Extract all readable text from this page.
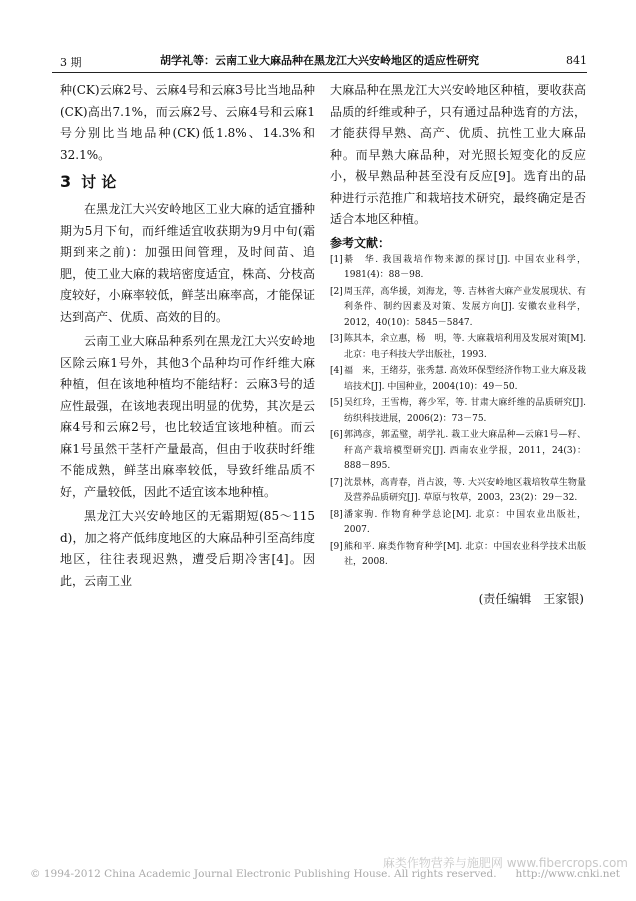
3 期	胡学礼等：云南工业大麻品种在黑龙江大兴安岭地区的适应性研究	841

种(CK)云麻2号、云麻4号和云麻3号比当地品种(CK)高出7.1%，而云麻2号、云麻4号和云麻1号分别比当地品种(CK)低1.8%、14.3%和32.1%。

3 讨 论

在黑龙江大兴安岭地区工业大麻的适宜播种期为5月下旬，而纤维适宜收获期为9月中旬(霜期到来之前)：加强田间管理，及时间苗、追肥，使工业大麻的栽培密度适宜，株高、分枝高度较好，小麻率较低，鲜茎出麻率高，才能保证达到高产、优质、高效的目的。

云南工业大麻品种系列在黑龙江大兴安岭地区除云麻1号外，其他3个品种均可作纤维大麻种植，但在该地种植均不能结籽：云麻3号的适应性最强，在该地表现出明显的优势，其次是云麻4号和云麻2号，也比较适宜该地种植。而云麻1号虽然干茎杆产量最高，但由于收获时纤维不能成熟，鲜茎出麻率较低，导致纤维品质不好，产量较低，因此不适宜该本地种植。

黑龙江大兴安岭地区的无霜期短(85～115 d)，加之将产低纬度地区的大麻品种引至高纬度地区，往往表现迟熟，遭受后期冷害[4]。因此，云南工业

大麻品种在黑龙江大兴安岭地区种植，要收获高品质的纤维或种子，只有通过品种选育的方法，才能获得早熟、高产、优质、抗性工业大麻品种。而早熟大麻品种，对光照长短变化的反应小，极早熟品种甚至没有反应[9]。选育出的品种进行示范推广和栽培技术研究，最终确定是否适合本地区种植。

参考文献：
[1] 綦　华. 我国栽培作物来源的探讨[J]. 中国农业科学，1981(4)：88－98.
[2] 周玉萍，高华援，刘海龙，等. 吉林省大麻产业发展现状、有利条件、制约因素及对策、发展方向[J]. 安徽农业科学，2012，40(10)：5845－5847.
[3] 陈其本，余立惠，杨　明，等. 大麻栽培利用及发展对策[M]. 北京：电子科技大学出版社，1993.
[4] 福　来，王绪芬，张秀慧. 高效环保型经济作物工业大麻及栽培技术[J]. 中国种业，2004(10)：49－50.
[5] 吴红玲，王雪梅，蒋少军，等. 甘肃大麻纤维的品质研究[J]. 纺织科技进展，2006(2)：73－75.
[6] 郭鸿彦，郭孟璧，胡学礼. 栽工业大麻品种—云麻1号—籽、秆高产栽培模型研究[J]. 西南农业学报，2011，24(3)：888－895.
[7] 沈景林，高青春，肖占波，等. 大兴安岭地区栽培牧草生物量及营养品质研究[J]. 草原与牧草，2003，23(2)：29－32.
[8] 潘家驹. 作物育种学总论[M]. 北京：中国农业出版社，2007.
[9] 熊和平. 麻类作物育种学[M]. 北京：中国农业科学技术出版社，2008.
(责任编辑　王家银)
麻类作物营养与施肥网 www.fibercrops.com
© 1994-2012 China Academic Journal Electronic Publishing House. All rights reserved. http://www.cnki.net
